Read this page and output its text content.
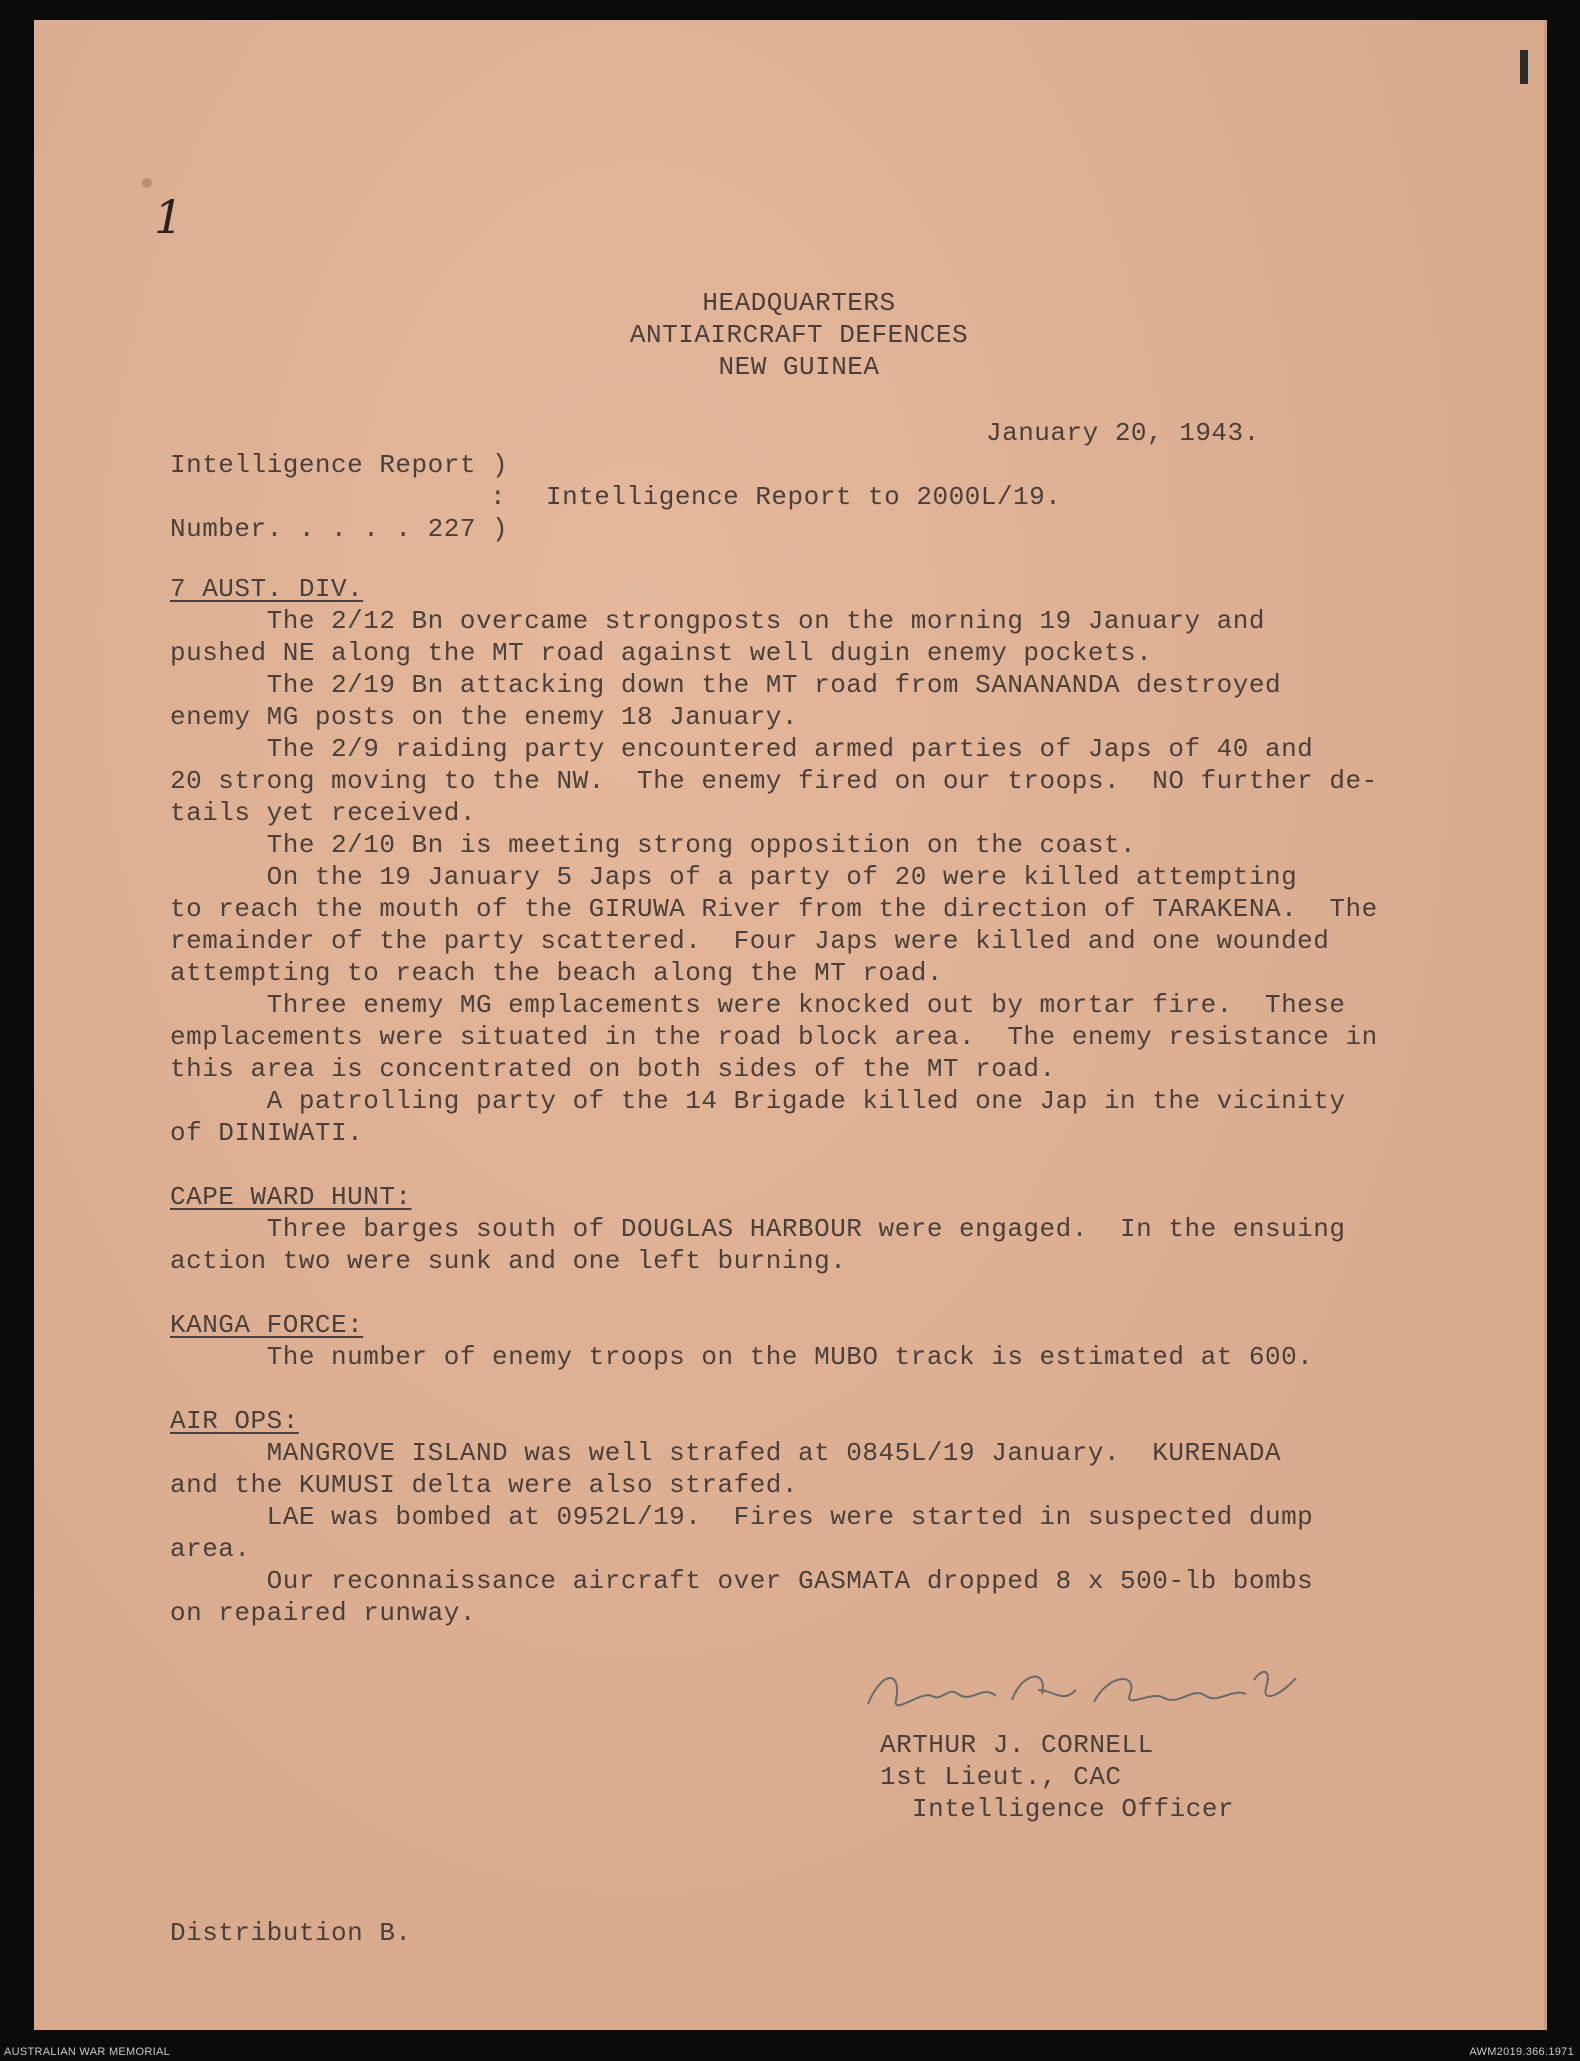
1
HEADQUARTERS
ANTIAIRCRAFT DEFENCES
NEW GUINEA
January 20, 1943.
Intelligence Report )
: Intelligence Report to 2000L/19.
Number. . . . . 227 )
7 AUST. DIV.
The 2/12 Bn overcame strongposts on the morning 19 January and
pushed NE along the MT road against well dugin enemy pockets.
The 2/19 Bn attacking down the MT road from SANANANDA destroyed
enemy MG posts on the enemy 18 January.
The 2/9 raiding party encountered armed parties of Japs of 40 and
20 strong moving to the NW.  The enemy fired on our troops.  NO further de-
tails yet received.
The 2/10 Bn is meeting strong opposition on the coast.
On the 19 January 5 Japs of a party of 20 were killed attempting
to reach the mouth of the GIRUWA River from the direction of TARAKENA.  The
remainder of the party scattered.  Four Japs were killed and one wounded
attempting to reach the beach along the MT road.
Three enemy MG emplacements were knocked out by mortar fire.  These
emplacements were situated in the road block area.  The enemy resistance in
this area is concentrated on both sides of the MT road.
A patrolling party of the 14 Brigade killed one Jap in the vicinity
of DINIWATI.
CAPE WARD HUNT:
Three barges south of DOUGLAS HARBOUR were engaged.  In the ensuing
action two were sunk and one left burning.
KANGA FORCE:
The number of enemy troops on the MUBO track is estimated at 600.
AIR OPS:
MANGROVE ISLAND was well strafed at 0845L/19 January.  KURENADA
and the KUMUSI delta were also strafed.
LAE was bombed at 0952L/19.  Fires were started in suspected dump
area.
Our reconnaissance aircraft over GASMATA dropped 8 x 500-lb bombs
on repaired runway.
ARTHUR J. CORNELL
1st Lieut., CAC
Intelligence Officer
Distribution B.
AUSTRALIAN WAR MEMORIAL	AWM2019.366.1971
